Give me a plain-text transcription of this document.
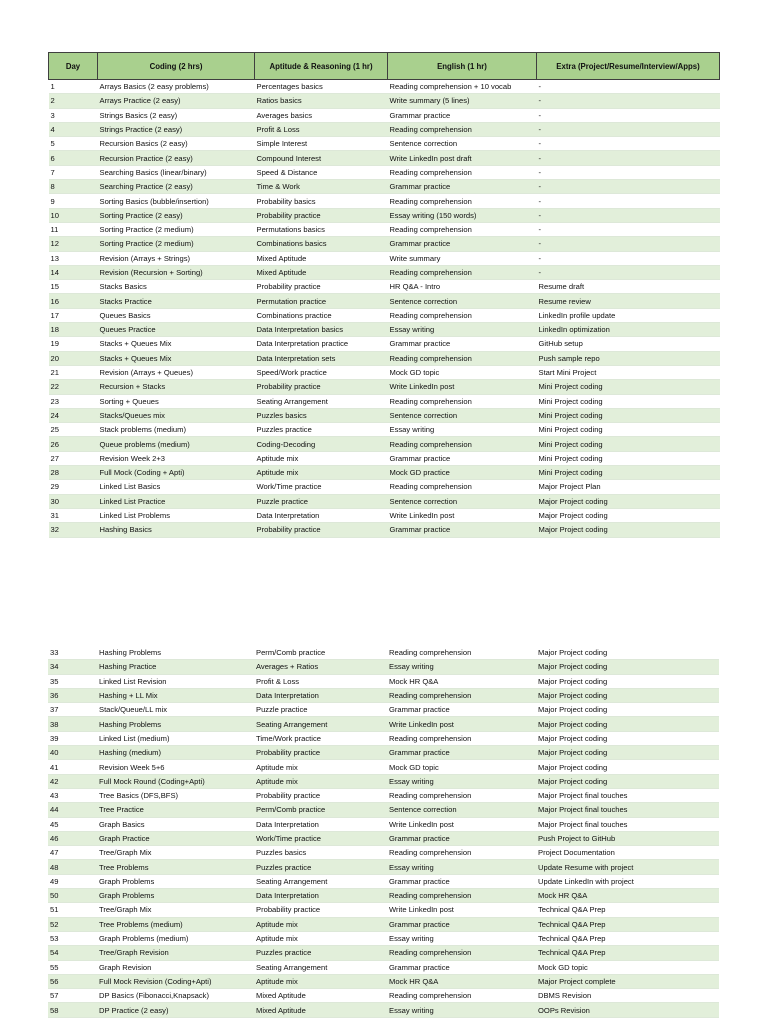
Day	Coding (2 hrs)	Aptitude & Reasoning (1 hr)	English (1 hr)	Extra (Project/Resume/Interview/Apps)
1	Arrays Basics (2 easy problems)	Percentages basics	Reading comprehension + 10 vocab	-
2	Arrays Practice (2 easy)	Ratios basics	Write summary (5 lines)	-
3	Strings Basics (2 easy)	Averages basics	Grammar practice	-
4	Strings Practice (2 easy)	Profit & Loss	Reading comprehension	-
5	Recursion Basics (2 easy)	Simple Interest	Sentence correction	-
6	Recursion Practice (2 easy)	Compound Interest	Write LinkedIn post draft	-
7	Searching Basics (linear/binary)	Speed & Distance	Reading comprehension	-
8	Searching Practice (2 easy)	Time & Work	Grammar practice	-
9	Sorting Basics (bubble/insertion)	Probability basics	Reading comprehension	-
10	Sorting Practice (2 easy)	Probability practice	Essay writing (150 words)	-
11	Sorting Practice (2 medium)	Permutations basics	Reading comprehension	-
12	Sorting Practice (2 medium)	Combinations basics	Grammar practice	-
13	Revision (Arrays + Strings)	Mixed Aptitude	Write summary	-
14	Revision (Recursion + Sorting)	Mixed Aptitude	Reading comprehension	-
15	Stacks Basics	Probability practice	HR Q&A - Intro	Resume draft
16	Stacks Practice	Permutation practice	Sentence correction	Resume review
17	Queues Basics	Combinations practice	Reading comprehension	LinkedIn profile update
18	Queues Practice	Data Interpretation basics	Essay writing	LinkedIn optimization
19	Stacks + Queues Mix	Data Interpretation practice	Grammar practice	GitHub setup
20	Stacks + Queues Mix	Data Interpretation sets	Reading comprehension	Push sample repo
21	Revision (Arrays + Queues)	Speed/Work practice	Mock GD topic	Start Mini Project
22	Recursion + Stacks	Probability practice	Write LinkedIn post	Mini Project coding
23	Sorting + Queues	Seating Arrangement	Reading comprehension	Mini Project coding
24	Stacks/Queues mix	Puzzles basics	Sentence correction	Mini Project coding
25	Stack problems (medium)	Puzzles practice	Essay writing	Mini Project coding
26	Queue problems (medium)	Coding-Decoding	Reading comprehension	Mini Project coding
27	Revision Week 2+3	Aptitude mix	Grammar practice	Mini Project coding
28	Full Mock (Coding + Apti)	Aptitude mix	Mock GD practice	Mini Project coding
29	Linked List Basics	Work/Time practice	Reading comprehension	Major Project Plan
30	Linked List Practice	Puzzle practice	Sentence correction	Major Project coding
31	Linked List Problems	Data Interpretation	Write LinkedIn post	Major Project coding
32	Hashing Basics	Probability practice	Grammar practice	Major Project coding
33	Hashing Problems	Perm/Comb practice	Reading comprehension	Major Project coding
34	Hashing Practice	Averages + Ratios	Essay writing	Major Project coding
35	Linked List Revision	Profit & Loss	Mock HR Q&A	Major Project coding
36	Hashing + LL Mix	Data Interpretation	Reading comprehension	Major Project coding
37	Stack/Queue/LL mix	Puzzle practice	Grammar practice	Major Project coding
38	Hashing Problems	Seating Arrangement	Write LinkedIn post	Major Project coding
39	Linked List (medium)	Time/Work practice	Reading comprehension	Major Project coding
40	Hashing (medium)	Probability practice	Grammar practice	Major Project coding
41	Revision Week 5+6	Aptitude mix	Mock GD topic	Major Project coding
42	Full Mock Round (Coding+Apti)	Aptitude mix	Essay writing	Major Project coding
43	Tree Basics (DFS,BFS)	Probability practice	Reading comprehension	Major Project final touches
44	Tree Practice	Perm/Comb practice	Sentence correction	Major Project final touches
45	Graph Basics	Data Interpretation	Write LinkedIn post	Major Project final touches
46	Graph Practice	Work/Time practice	Grammar practice	Push Project to GitHub
47	Tree/Graph Mix	Puzzles basics	Reading comprehension	Project Documentation
48	Tree Problems	Puzzles practice	Essay writing	Update Resume with project
49	Graph Problems	Seating Arrangement	Grammar practice	Update LinkedIn with project
50	Graph Problems	Data Interpretation	Reading comprehension	Mock HR Q&A
51	Tree/Graph Mix	Probability practice	Write LinkedIn post	Technical Q&A Prep
52	Tree Problems (medium)	Aptitude mix	Grammar practice	Technical Q&A Prep
53	Graph Problems (medium)	Aptitude mix	Essay writing	Technical Q&A Prep
54	Tree/Graph Revision	Puzzles practice	Reading comprehension	Technical Q&A Prep
55	Graph Revision	Seating Arrangement	Grammar practice	Mock GD topic
56	Full Mock Revision (Coding+Apti)	Aptitude mix	Mock HR Q&A	Major Project complete
57	DP Basics (Fibonacci,Knapsack)	Mixed Aptitude	Reading comprehension	DBMS Revision
58	DP Practice (2 easy)	Mixed Aptitude	Essay writing	OOPs Revision
